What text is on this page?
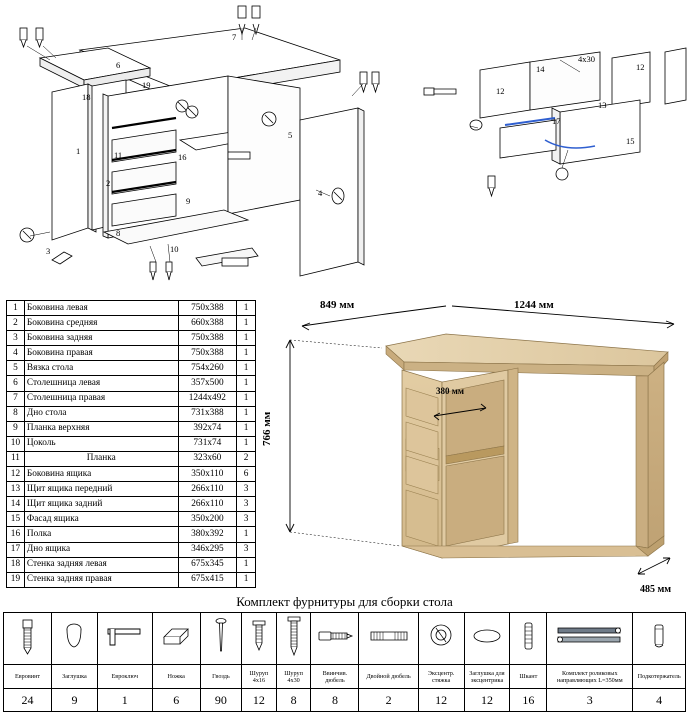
6
19
18
7
1	11
2
16
5
8
10
4
9
3
14
12
12
13
17
15
4х30
1	Боковина левая	750x388	1
2	Боковина средняя	660x388	1
3	Боковина задняя	750x388	1
4	Боковина правая	750x388	1
5	Вязка стола	754x260	1
6	Столешница левая	357x500	1
7	Столешница правая	1244x492	1
8	Дно стола	731x388	1
9	Планка верхняя	392x74	1
10	Цоколь	731x74	1
11	Планка	323x60	2
12	Боковина ящика	350x110	6
13	Щит ящика передний	266х110	3
14	Щит ящика задний	266х110	3
15	Фасад ящика	350x200	3
16	Полка	380x392	1
17	Дно ящика	346х295	3
18	Стенка задняя левая	675х345	1
19	Стенка задняя правая	675х415	1
849 мм	1244 мм
766 мм
380 мм
485 мм
Комплект фурнитуры для сборки стола

Евровинт	Заглушка	Евроключ	Ножка	Гвоздь	Шуруп 4x16	Шуруп 4x30	Ввинчив. дюбель	Двойной дюбель	Эксцентр. стяжка	Заглушка для эксцентрика	Шкант	Комплект роликовых направляющих L=350мм	Подкотержатель
24	9	1	6	90	12	8	8	2	12	12	16	3	4
